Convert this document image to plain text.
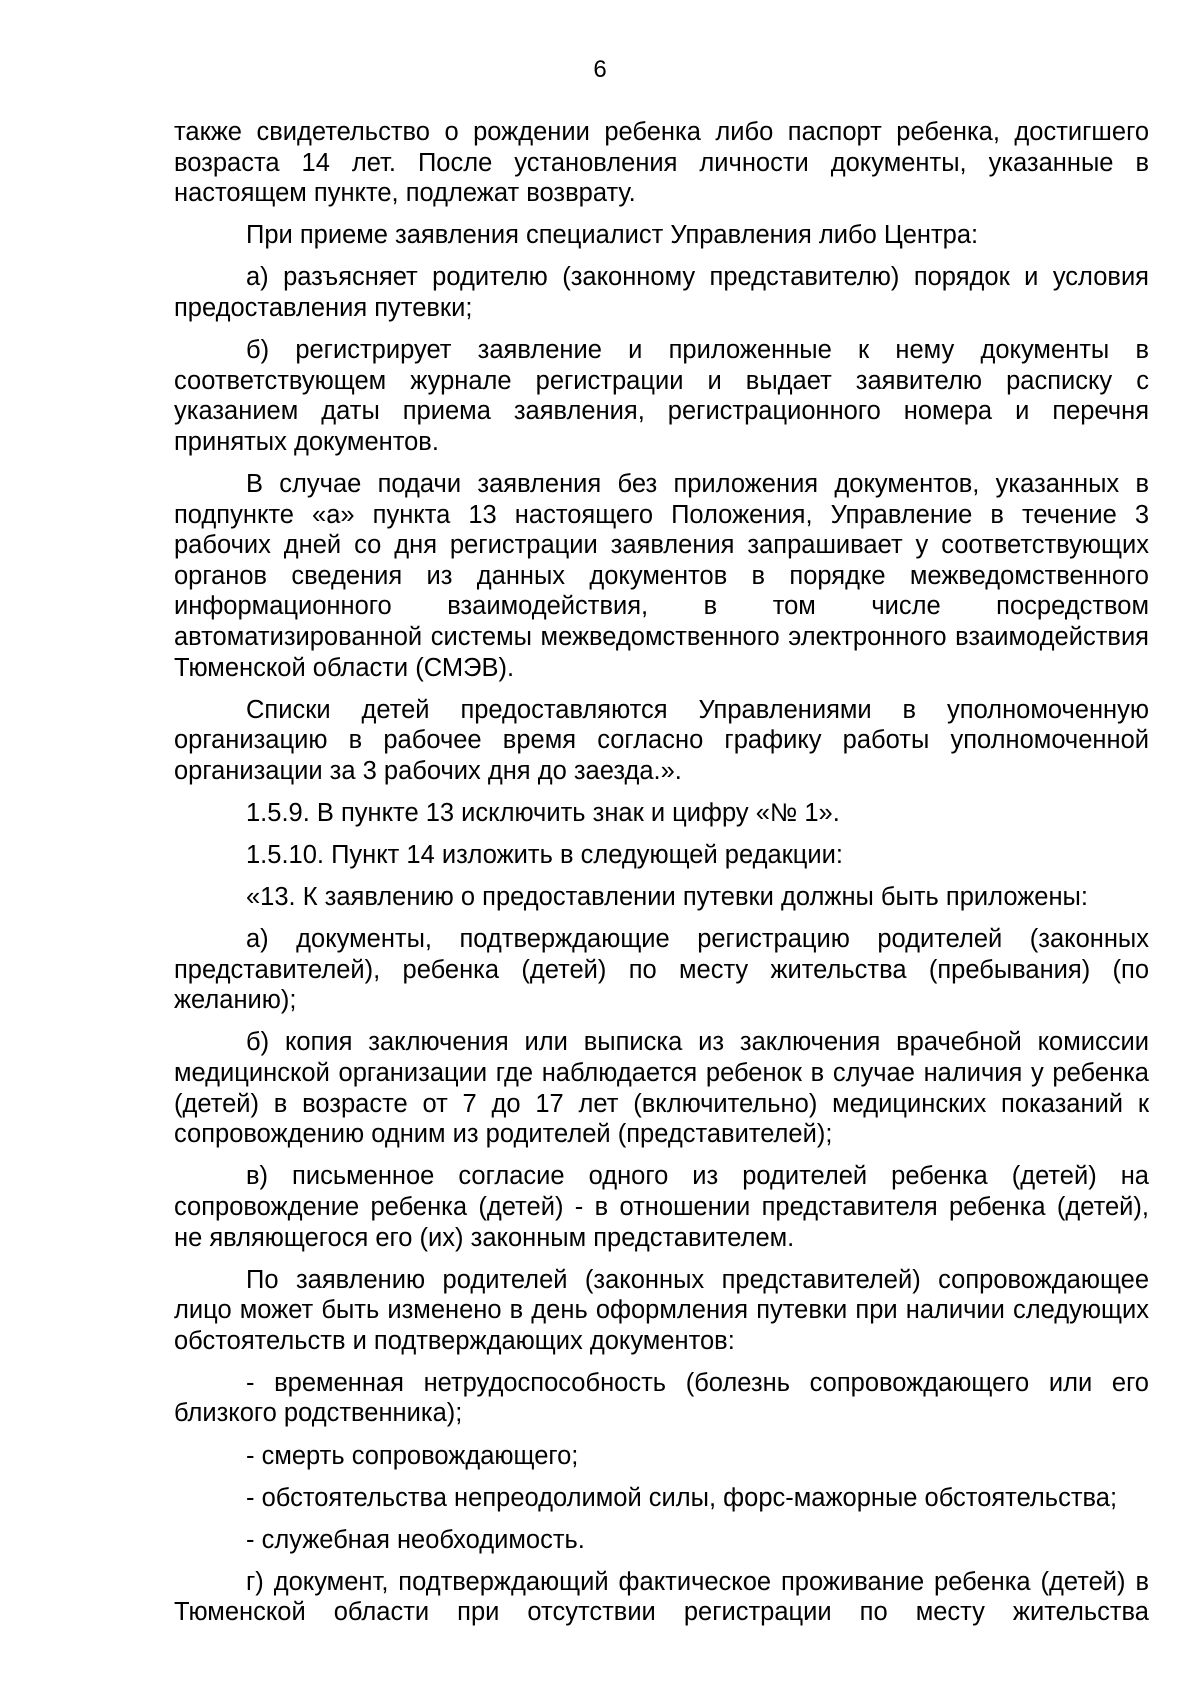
6

также свидетельство о рождении ребенка либо паспорт ребенка, достигшего возраста 14 лет. После установления личности документы, указанные в настоящем пункте, подлежат возврату.

При приеме заявления специалист Управления либо Центра:

а) разъясняет родителю (законному представителю) порядок и условия предоставления путевки;

б) регистрирует заявление и приложенные к нему документы в соответствующем журнале регистрации и выдает заявителю расписку с указанием даты приема заявления, регистрационного номера и перечня принятых документов.

В случае подачи заявления без приложения документов, указанных в подпункте «а» пункта 13 настоящего Положения, Управление в течение 3 рабочих дней со дня регистрации заявления запрашивает у соответствующих органов сведения из данных документов в порядке межведомственного информационного взаимодействия, в том числе посредством автоматизированной системы межведомственного электронного взаимодействия Тюменской области (СМЭВ).

Списки детей предоставляются Управлениями в уполномоченную организацию в рабочее время согласно графику работы уполномоченной организации за 3 рабочих дня до заезда.».

1.5.9. В пункте 13 исключить знак и цифру «№ 1».

1.5.10. Пункт 14 изложить в следующей редакции:

«13. К заявлению о предоставлении путевки должны быть приложены:

а) документы, подтверждающие регистрацию родителей (законных представителей), ребенка (детей) по месту жительства (пребывания) (по желанию);

б) копия заключения или выписка из заключения врачебной комиссии медицинской организации где наблюдается ребенок в случае наличия у ребенка (детей) в возрасте от 7 до 17 лет (включительно) медицинских показаний к сопровождению одним из родителей (представителей);

в) письменное согласие одного из родителей ребенка (детей) на сопровождение ребенка (детей) - в отношении представителя ребенка (детей), не являющегося его (их) законным представителем.

По заявлению родителей (законных представителей) сопровождающее лицо может быть изменено в день оформления путевки при наличии следующих обстоятельств и подтверждающих документов:

- временная нетрудоспособность (болезнь сопровождающего или его близкого родственника);

- смерть сопровождающего;

- обстоятельства непреодолимой силы, форс-мажорные обстоятельства;

- служебная необходимость.

г) документ, подтверждающий фактическое проживание ребенка (детей) в Тюменской области при отсутствии регистрации по месту жительства
